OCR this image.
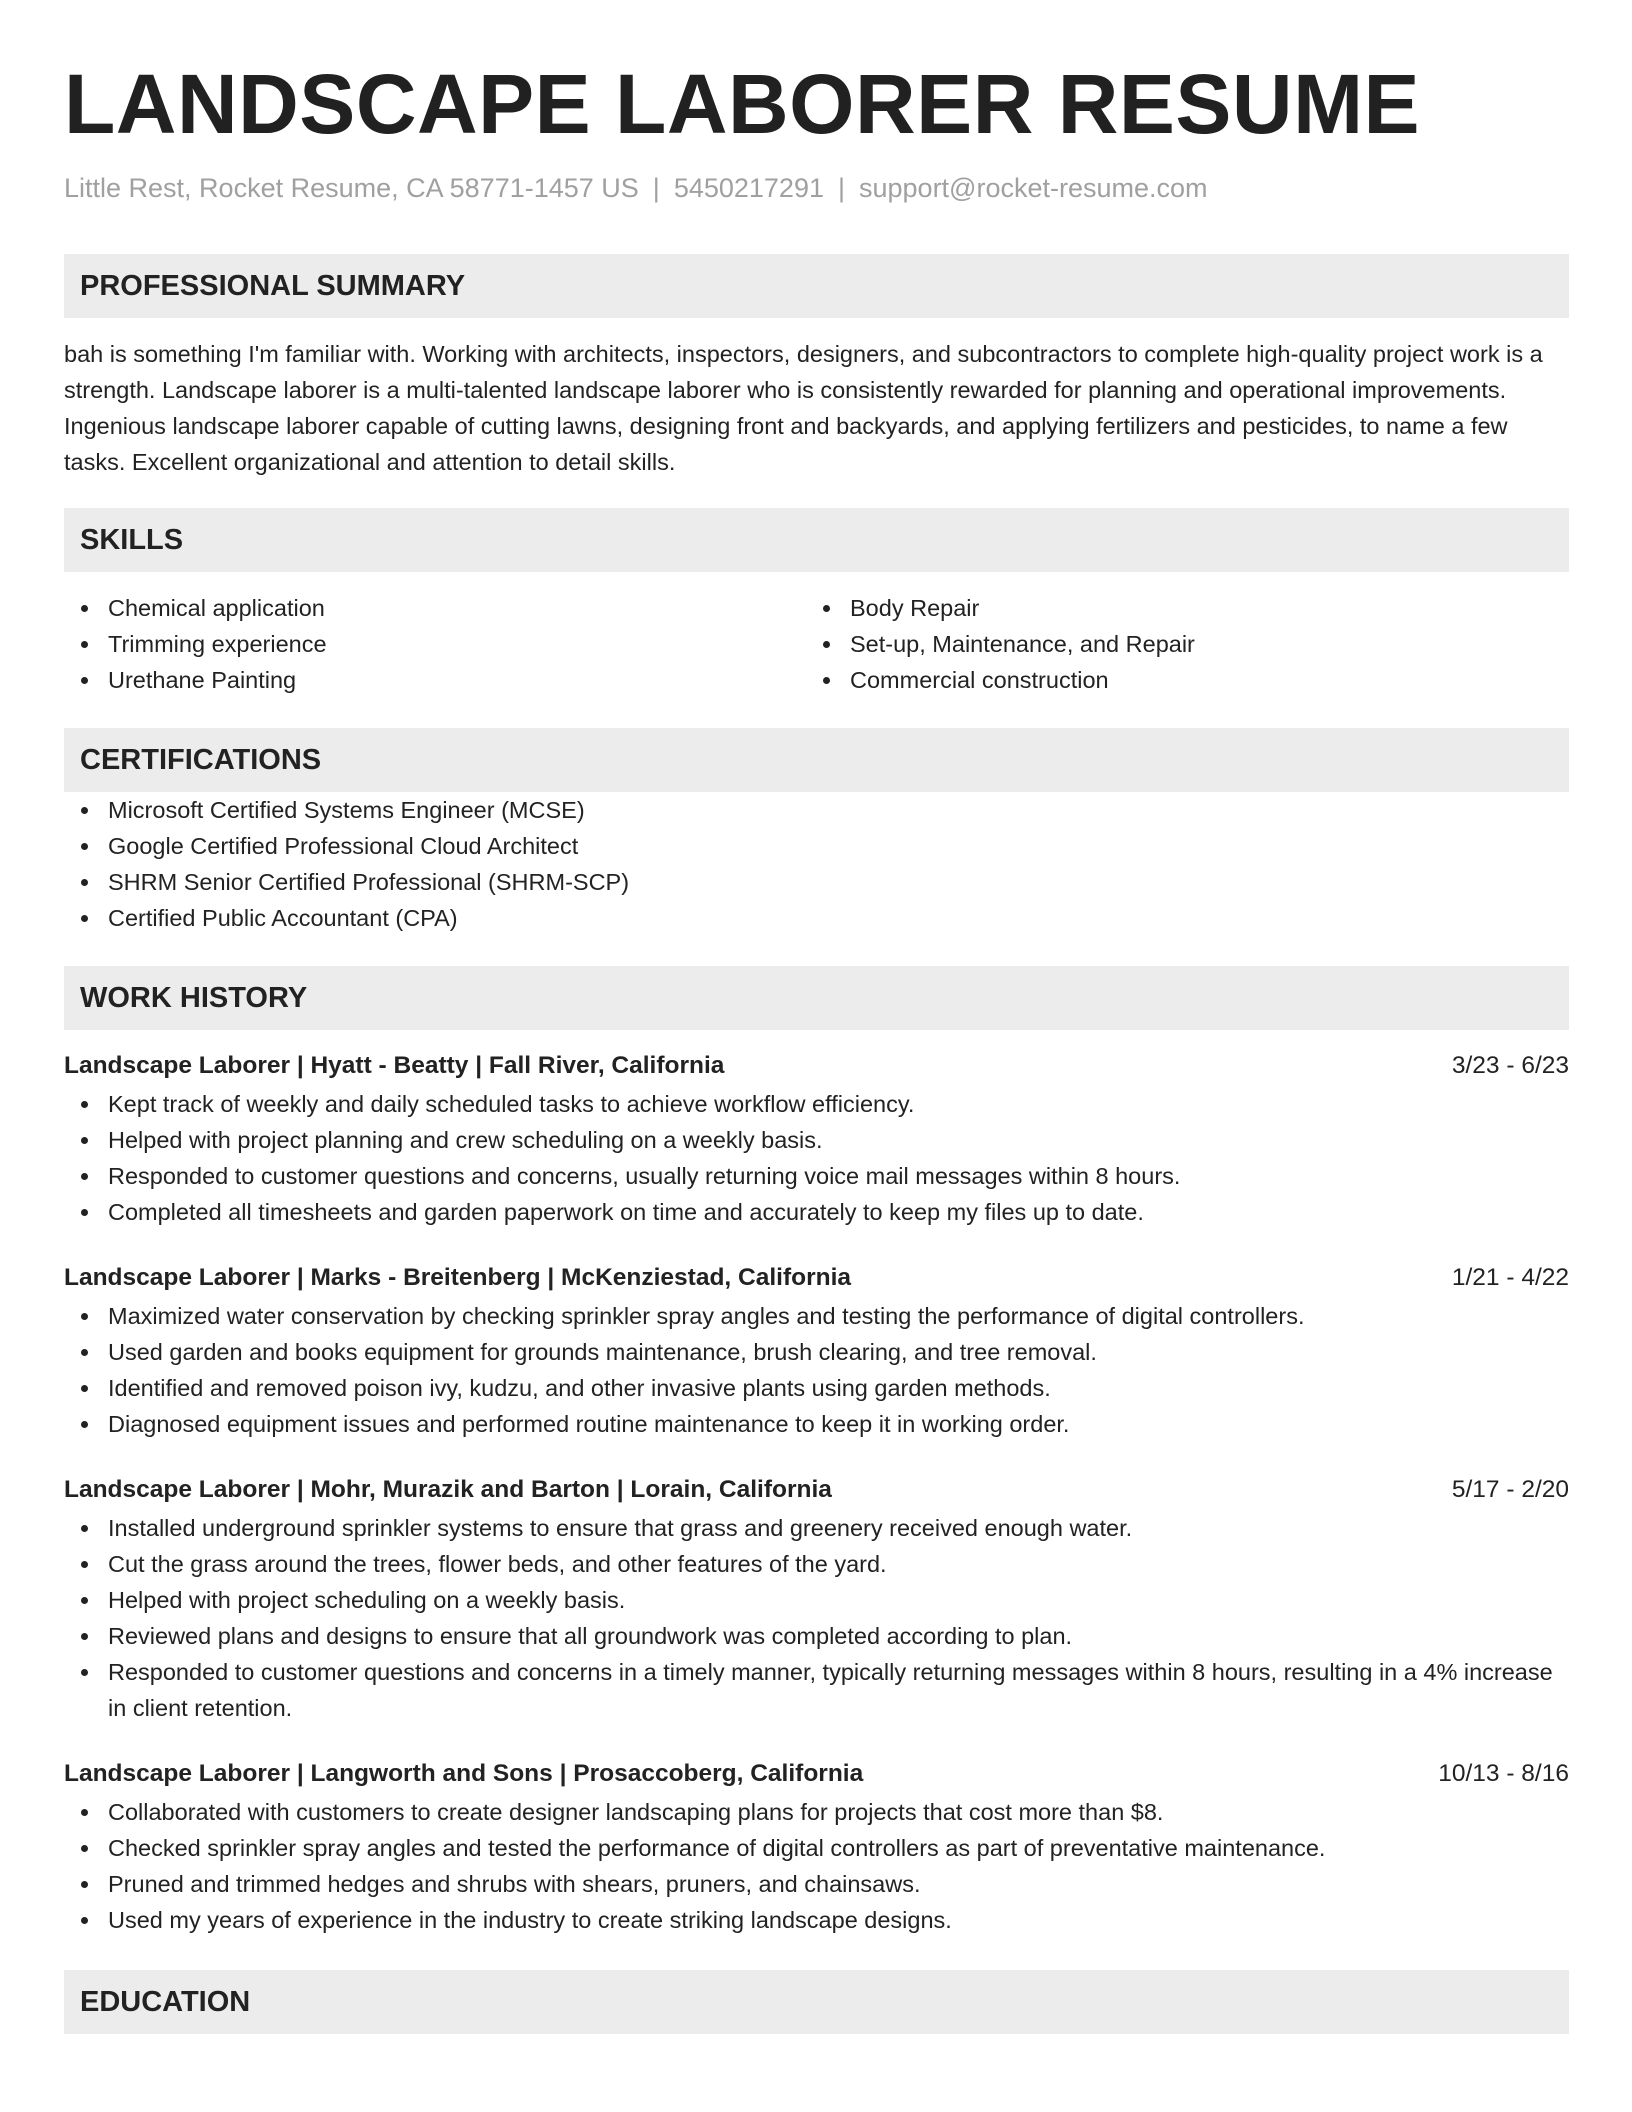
LANDSCAPE LABORER RESUME
Little Rest, Rocket Resume, CA 58771-1457 US | 5450217291 | support@rocket-resume.com
PROFESSIONAL SUMMARY

bah is something I'm familiar with. Working with architects, inspectors, designers, and subcontractors to complete high-quality project work is a strength. Landscape laborer is a multi-talented landscape laborer who is consistently rewarded for planning and operational improvements. Ingenious landscape laborer capable of cutting lawns, designing front and backyards, and applying fertilizers and pesticides, to name a few tasks. Excellent organizational and attention to detail skills.

SKILLS
Chemical application
Trimming experience
Urethane Painting
Body Repair
Set-up, Maintenance, and Repair
Commercial construction
CERTIFICATIONS
Microsoft Certified Systems Engineer (MCSE)
Google Certified Professional Cloud Architect
SHRM Senior Certified Professional (SHRM-SCP)
Certified Public Accountant (CPA)
WORK HISTORY
Landscape Laborer | Hyatt - Beatty | Fall River, California	3/23 - 6/23
Kept track of weekly and daily scheduled tasks to achieve workflow efficiency.
Helped with project planning and crew scheduling on a weekly basis.
Responded to customer questions and concerns, usually returning voice mail messages within 8 hours.
Completed all timesheets and garden paperwork on time and accurately to keep my files up to date.
Landscape Laborer | Marks - Breitenberg | McKenziestad, California	1/21 - 4/22
Maximized water conservation by checking sprinkler spray angles and testing the performance of digital controllers.
Used garden and books equipment for grounds maintenance, brush clearing, and tree removal.
Identified and removed poison ivy, kudzu, and other invasive plants using garden methods.
Diagnosed equipment issues and performed routine maintenance to keep it in working order.
Landscape Laborer | Mohr, Murazik and Barton | Lorain, California	5/17 - 2/20
Installed underground sprinkler systems to ensure that grass and greenery received enough water.
Cut the grass around the trees, flower beds, and other features of the yard.
Helped with project scheduling on a weekly basis.
Reviewed plans and designs to ensure that all groundwork was completed according to plan.
Responded to customer questions and concerns in a timely manner, typically returning messages within 8 hours, resulting in a 4% increase in client retention.
Landscape Laborer | Langworth and Sons | Prosaccoberg, California	10/13 - 8/16
Collaborated with customers to create designer landscaping plans for projects that cost more than $8.
Checked sprinkler spray angles and tested the performance of digital controllers as part of preventative maintenance.
Pruned and trimmed hedges and shrubs with shears, pruners, and chainsaws.
Used my years of experience in the industry to create striking landscape designs.
EDUCATION
